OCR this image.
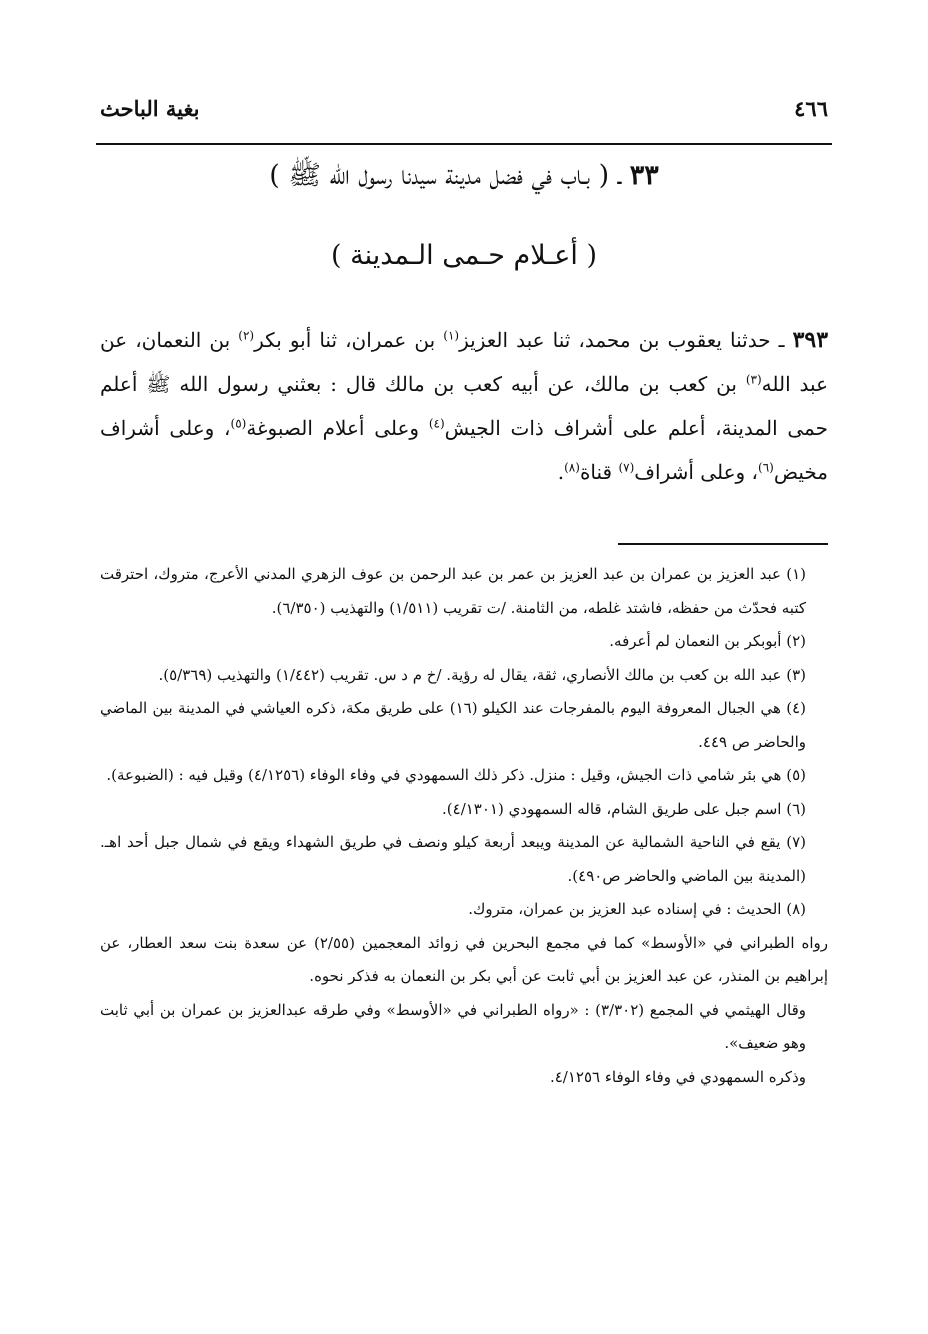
بغية الباحث	٤٦٦
٣٣ ـ ( بـاب في فضل مدينة سيدنا رسول الله ﷺ )
( أعـلام حـمى الـمدينة )
٣٩٣ ـ حدثنا يعقوب بن محمد، ثنا عبد العزيز$^{(١)}$ بن عمران، ثنا أبو بكر$^{(٢)}$ بن النعمان، عن عبد الله$^{(٣)}$ بن كعب بن مالك، عن أبيه كعب بن مالك قال : بعثني رسول الله ﷺ أعلم حمى المدينة، أعلم على أشراف ذات الجيش$^{(٤)}$ وعلى أعلام الصبوغة$^{(٥)}$، وعلى أشراف مخيض$^{(٦)}$، وعلى أشراف$^{(٧)}$ قناة$^{(٨)}$.

(١) عبد العزيز بن عمران بن عبد العزيز بن عمر بن عبد الرحمن بن عوف الزهري المدني الأعرج، متروك، احترقت كتبه فحدّث من حفظه، فاشتد غلطه، من الثامنة. /ت تقريب (١/٥١١) والتهذيب (٦/٣٥٠).

(٢) أبوبكر بن النعمان لم أعرفه.

(٣) عبد الله بن كعب بن مالك الأنصاري، ثقة، يقال له رؤية. /خ م د س. تقريب (١/٤٤٢) والتهذيب (٥/٣٦٩).

(٤) هي الجبال المعروفة اليوم بالمفرجات عند الكيلو (١٦) على طريق مكة، ذكره العياشي في المدينة بين الماضي والحاضر ص ٤٤٩.

(٥) هي بئر شامي ذات الجيش، وقيل : منزل. ذكر ذلك السمهودي في وفاء الوفاء (٤/١٢٥٦) وقيل فيه : (الضبوعة).

(٦) اسم جبل على طريق الشام، قاله السمهودي (٤/١٣٠١).

(٧) يقع في الناحية الشمالية عن المدينة ويبعد أربعة كيلو ونصف في طريق الشهداء ويقع في شمال جبل أحد اهـ. (المدينة بين الماضي والحاضر ص٤٩٠).

(٨) الحديث : في إسناده عبد العزيز بن عمران، متروك.

رواه الطبراني في «الأوسط» كما في مجمع البحرين في زوائد المعجمين (٢/٥٥) عن سعدة بنت سعد العطار، عن إبراهيم بن المنذر، عن عبد العزيز بن أبي ثابت عن أبي بكر بن النعمان به فذكر نحوه.

وقال الهيثمي في المجمع (٣/٣٠٢) : «رواه الطبراني في «الأوسط» وفي طرقه عبدالعزيز بن عمران بن أبي ثابت وهو ضعيف».

وذكره السمهودي في وفاء الوفاء ٤/١٢٥٦.
